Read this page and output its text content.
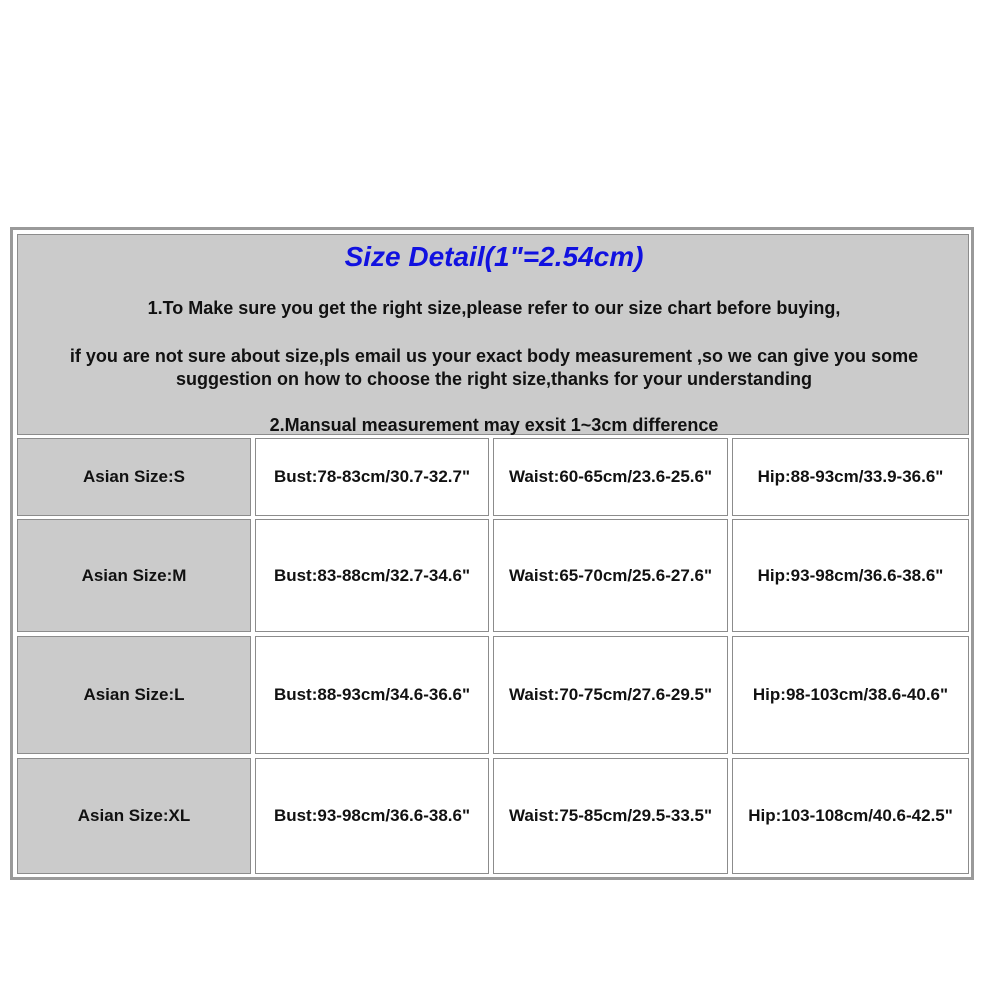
Size Detail(1"=2.54cm)

1.To Make sure you get the right size,please refer to our size chart before buying,

if you are not sure about size,pls email us your exact body measurement ,so we can give you some suggestion on how to choose the right size,thanks for your understanding

2.Mansual measurement may exsit 1~3cm difference

Asian Size:S	Bust:78-83cm/30.7-32.7"	Waist:60-65cm/23.6-25.6"	Hip:88-93cm/33.9-36.6"
Asian Size:M	Bust:83-88cm/32.7-34.6"	Waist:65-70cm/25.6-27.6"	Hip:93-98cm/36.6-38.6"
Asian Size:L	Bust:88-93cm/34.6-36.6"	Waist:70-75cm/27.6-29.5"	Hip:98-103cm/38.6-40.6"
Asian Size:XL	Bust:93-98cm/36.6-38.6"	Waist:75-85cm/29.5-33.5"	Hip:103-108cm/40.6-42.5"
